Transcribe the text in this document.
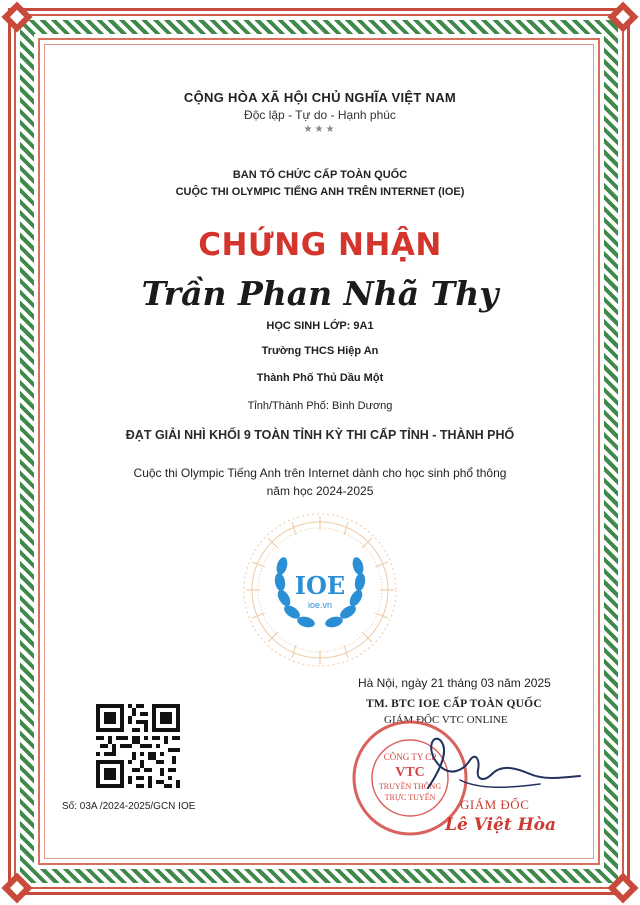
CỘNG HÒA XÃ HỘI CHỦ NGHĨA VIỆT NAM
Độc lập - Tự do - Hạnh phúc
★★★
BAN TỔ CHỨC CẤP TOÀN QUỐC
CUỘC THI OLYMPIC TIẾNG ANH TRÊN INTERNET (IOE)
CHỨNG NHẬN
Trần Phan Nhã Thy
HỌC SINH LỚP: 9A1
Trường THCS Hiệp An
Thành Phố Thủ Dầu Một
Tỉnh/Thành Phố: Bình Dương
ĐẠT GIẢI NHÌ KHỐI 9 TOÀN TỈNH KỲ THI CẤP TỈNH - THÀNH PHỐ
Cuộc thi Olympic Tiếng Anh trên Internet dành cho học sinh phổ thông
năm học 2024-2025
IOE
ioe.vn
Hà Nội, ngày 21 tháng 03 năm 2025
TM. BTC IOE CẤP TOÀN QUỐC
GIÁM ĐỐC VTC ONLINE
Số: 03A /2024-2025/GCN IOE
CÔNG TY CP
VTC
TRUYỀN THÔNG
TRỰC TUYẾN GIÁM ĐỐC
Lê Việt Hòa
